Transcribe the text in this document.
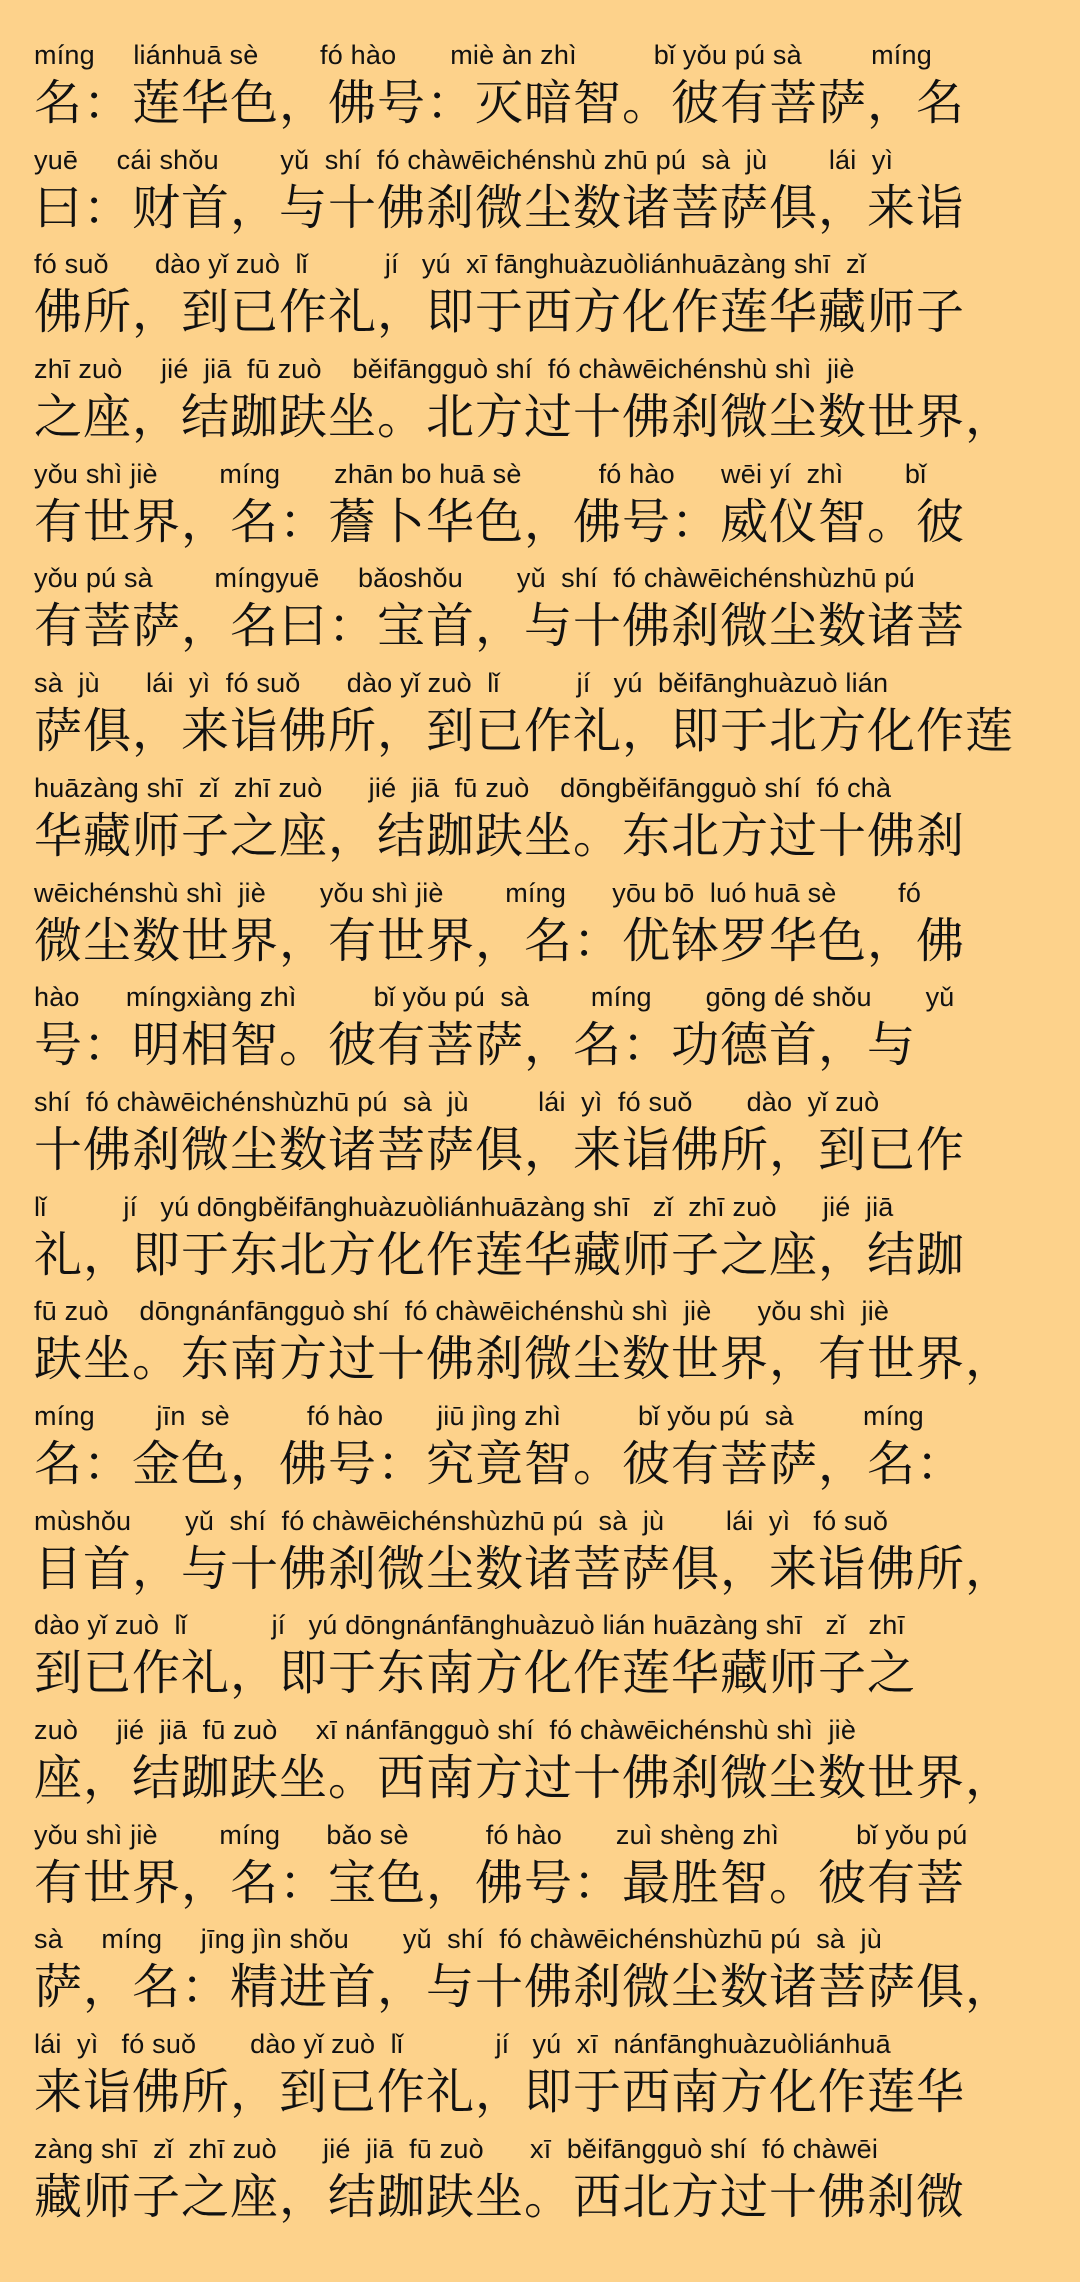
míng     liánhuā sè        fó hào       miè àn zhì          bǐ yǒu pú sà         míng
名：莲华色，佛号：灭暗智。彼有菩萨，名
yuē     cái shǒu        yǔ  shí  fó chàwēichénshù zhū pú  sà  jù        lái  yì
曰：财首，与十佛刹微尘数诸菩萨俱，来诣
fó suǒ      dào yǐ zuò  lǐ          jí   yú  xī fānghuàzuòliánhuāzàng shī  zǐ
佛所，到已作礼，即于西方化作莲华藏师子
zhī zuò     jié  jiā  fū zuò    běifāngguò shí  fó chàwēichénshù shì  jiè
之座，结跏趺坐。北方过十佛刹微尘数世界，
yǒu shì jiè        míng       zhān bo huā sè          fó hào      wēi yí  zhì        bǐ
有世界，名：薝卜华色，佛号：威仪智。彼
yǒu pú sà        míngyuē     bǎoshǒu       yǔ  shí  fó chàwēichénshùzhū pú
有菩萨，名曰：宝首，与十佛刹微尘数诸菩
sà  jù      lái  yì  fó suǒ      dào yǐ zuò  lǐ          jí   yú  běifānghuàzuò lián
萨俱，来诣佛所，到已作礼，即于北方化作莲
huāzàng shī  zǐ  zhī zuò      jié  jiā  fū zuò    dōngběifāngguò shí  fó chà
华藏师子之座，结跏趺坐。东北方过十佛刹
wēichénshù shì  jiè       yǒu shì jiè        míng      yōu bō  luó huā sè        fó
微尘数世界，有世界，名：优钵罗华色，佛
hào      míngxiàng zhì          bǐ yǒu pú  sà        míng       gōng dé shǒu       yǔ
号：明相智。彼有菩萨，名：功德首，与
shí  fó chàwēichénshùzhū pú  sà  jù         lái  yì  fó suǒ       dào  yǐ zuò
十佛刹微尘数诸菩萨俱，来诣佛所，到已作
lǐ          jí   yú dōngběifānghuàzuòliánhuāzàng shī   zǐ  zhī zuò      jié  jiā
礼，即于东北方化作莲华藏师子之座，结跏
fū zuò    dōngnánfāngguò shí  fó chàwēichénshù shì  jiè      yǒu shì  jiè
趺坐。东南方过十佛刹微尘数世界，有世界，
míng        jīn  sè          fó hào       jiū jìng zhì          bǐ yǒu pú  sà         míng
名：金色，佛号：究竟智。彼有菩萨，名：
mùshǒu       yǔ  shí  fó chàwēichénshùzhū pú  sà  jù        lái  yì   fó suǒ
目首，与十佛刹微尘数诸菩萨俱，来诣佛所，
dào yǐ zuò  lǐ           jí   yú dōngnánfānghuàzuò lián huāzàng shī   zǐ   zhī
到已作礼，即于东南方化作莲华藏师子之
zuò     jié  jiā  fū zuò     xī nánfāngguò shí  fó chàwēichénshù shì  jiè
座，结跏趺坐。西南方过十佛刹微尘数世界，
yǒu shì jiè        míng      bǎo sè          fó hào       zuì shèng zhì          bǐ yǒu pú
有世界，名：宝色，佛号：最胜智。彼有菩
sà     míng     jīng jìn shǒu       yǔ  shí  fó chàwēichénshùzhū pú  sà  jù
萨，名：精进首，与十佛刹微尘数诸菩萨俱，
lái  yì   fó suǒ       dào yǐ zuò  lǐ            jí   yú  xī  nánfānghuàzuòliánhuā
来诣佛所，到已作礼，即于西南方化作莲华
zàng shī  zǐ  zhī zuò      jié  jiā  fū zuò      xī  běifāngguò shí  fó chàwēi
藏师子之座，结跏趺坐。西北方过十佛刹微
